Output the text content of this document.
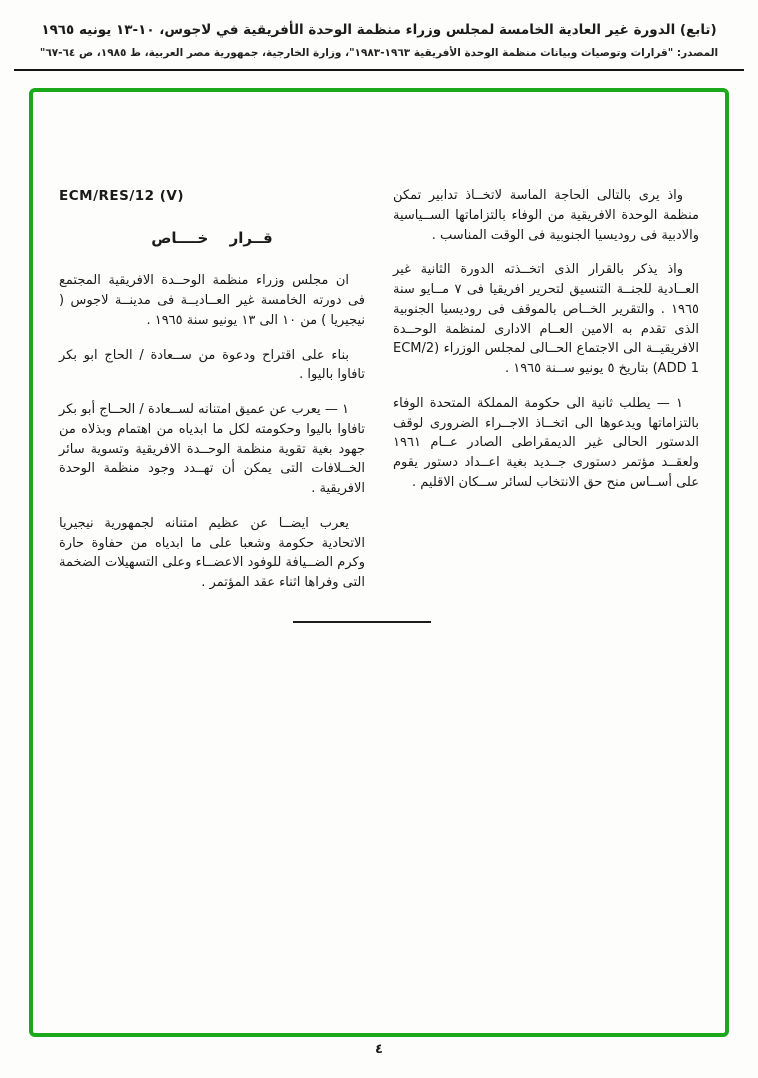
(تابع) الدورة غير العادية الخامسة لمجلس وزراء منظمة الوحدة الأفريقية في لاجوس، ١٠-١٣ يونيه ١٩٦٥
المصدر: "قرارات وتوصيات وبيانات منظمة الوحدة الأفريقية ١٩٦٣-١٩٨٣"، وزارة الخارجية، جمهورية مصر العربية، ط ١٩٨٥، ص ٦٤-٦٧"

واذ يرى بالتالى الحاجة الماسة لاتخــاذ تدابير تمكن منظمة الوحدة الافريقية من الوفاء بالتزاماتها الســياسية والادبية فى روديسيا الجنوبية فى الوقت المناسب .

واذ يذكر بالقرار الذى اتخــذته الدورة الثانية غير العــادية للجنــة التنسيق لتحرير افريقيا فى ٧ مــايو سنة ١٩٦٥ . والتقرير الخــاص بالموقف فى روديسيا الجنوبية الذى تقدم به الامين العــام الادارى لمنظمة الوحــدة الافريقيــة الى الاجتماع الحــالى لمجلس الوزراء (ECM/2 ADD 1) بتاريخ ٥ يونيو ســنة ١٩٦٥ .

١ — يطلب ثانية الى حكومة المملكة المتحدة الوفاء بالتزاماتها ويدعوها الى اتخــاذ الاجــراء الضرورى لوقف الدستور الحالى غير الديمقراطى الصادر عــام ١٩٦١ ولعقــد مؤتمر دستورى جــديد بغية اعــداد دستور يقوم على أســاس منح حق الانتخاب لسائر ســكان الاقليم .

ECM/RES/12 (V)
قــرار خــــاص

ان مجلس وزراء منظمة الوحــدة الافريقية المجتمع فى دورته الخامسة غير العــاديــة فى مدينــة لاجوس ( نيجيريا ) من ١٠ الى ١٣ يونيو سنة ١٩٦٥ .

بناء على اقتراح ودعوة من ســعادة / الحاج ابو بكر تافاوا باليوا .

١ — يعرب عن عميق امتنانه لســعادة / الحــاج أبو بكر تافاوا باليوا وحكومته لكل ما ابدياه من اهتمام وبذلاه من جهود بغية تقوية منظمة الوحــدة الافريقية وتسوية سائر الخــلافات التى يمكن أن تهــدد وجود منظمة الوحدة الافريقية .

يعرب ايضــا عن عظيم امتنانه لجمهورية نيجيريا الاتحادية حكومة وشعبا على ما ابدياه من حفاوة حارة وكرم الضــيافة للوفود الاعضــاء وعلى التسهيلات الضخمة التى وفراها اثناء عقد المؤتمر .

٤
